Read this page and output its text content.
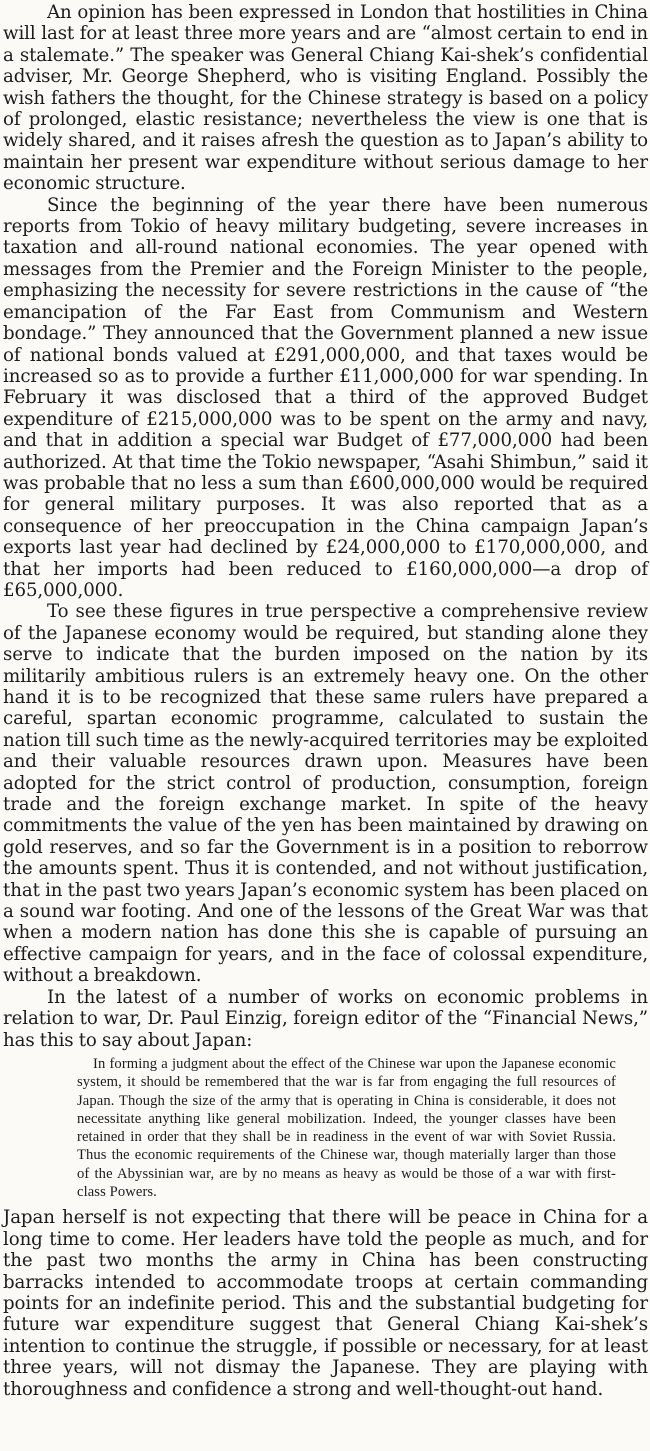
An opinion has been expressed in London that hostilities in China will last for at least three more years and are “almost certain to end in a stalemate.” The speaker was General Chiang Kai-shek’s confidential adviser, Mr. George Shepherd, who is visiting England. Possibly the wish fathers the thought, for the Chinese strategy is based on a policy of prolonged, elastic resistance; nevertheless the view is one that is widely shared, and it raises afresh the question as to Japan’s ability to maintain her present war expenditure without serious damage to her economic structure.

Since the beginning of the year there have been numerous reports from Tokio of heavy military budgeting, severe increases in taxation and all-round national economies. The year opened with messages from the Premier and the Foreign Minister to the people, emphasizing the necessity for severe restrictions in the cause of “the emancipation of the Far East from Communism and Western bondage.” They announced that the Government planned a new issue of national bonds valued at £291,000,000, and that taxes would be increased so as to provide a further £11,000,000 for war spending. In February it was disclosed that a third of the approved Budget expenditure of £215,000,000 was to be spent on the army and navy, and that in addition a special war Budget of £77,000,000 had been authorized. At that time the Tokio newspaper, “Asahi Shimbun,” said it was probable that no less a sum than £600,000,000 would be required for general military purposes. It was also reported that as a consequence of her preoccupation in the China campaign Japan’s exports last year had declined by £24,000,000 to £170,000,000, and that her imports had been reduced to £160,000,000—a drop of £65,000,000.

To see these figures in true perspective a comprehensive review of the Japanese economy would be required, but standing alone they serve to indicate that the burden imposed on the nation by its militarily ambitious rulers is an extremely heavy one. On the other hand it is to be recognized that these same rulers have prepared a careful, spartan economic programme, calculated to sustain the nation till such time as the newly-acquired territories may be exploited and their valuable resources drawn upon. Measures have been adopted for the strict control of production, consumption, foreign trade and the foreign exchange market. In spite of the heavy commitments the value of the yen has been maintained by drawing on gold reserves, and so far the Government is in a position to reborrow the amounts spent. Thus it is contended, and not without justification, that in the past two years Japan’s economic system has been placed on a sound war footing. And one of the lessons of the Great War was that when a modern nation has done this she is capable of pursuing an effective campaign for years, and in the face of colossal expenditure, without a breakdown.

In the latest of a number of works on economic problems in relation to war, Dr. Paul Einzig, foreign editor of the “Financial News,” has this to say about Japan:

In forming a judgment about the effect of the Chinese war upon the Japanese economic system, it should be remembered that the war is far from engaging the full resources of Japan. Though the size of the army that is operating in China is considerable, it does not necessitate anything like general mobilization. Indeed, the younger classes have been retained in order that they shall be in readiness in the event of war with Soviet Russia. Thus the economic requirements of the Chinese war, though materially larger than those of the Abyssinian war, are by no means as heavy as would be those of a war with first-class Powers.

Japan herself is not expecting that there will be peace in China for a long time to come. Her leaders have told the people as much, and for the past two months the army in China has been constructing barracks intended to accommodate troops at certain commanding points for an indefinite period. This and the substantial budgeting for future war expenditure suggest that General Chiang Kai-shek’s intention to continue the struggle, if possible or necessary, for at least three years, will not dismay the Japanese. They are playing with thoroughness and confidence a strong and well-thought-out hand.
